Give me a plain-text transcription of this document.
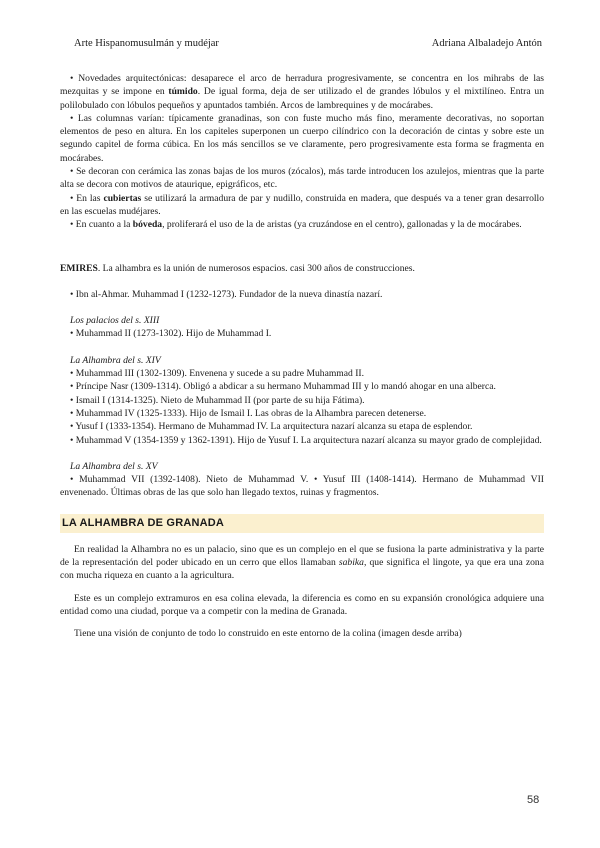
Arte Hispanomusulmán y mudéjar	Adriana Albaladejo Antón

• Novedades arquitectónicas: desaparece el arco de herradura progresivamente, se concentra en los mihrabs de las mezquitas y se impone en túmido. De igual forma, deja de ser utilizado el de grandes lóbulos y el mixtilíneo. Entra un polilobulado con lóbulos pequeños y apuntados también. Arcos de lambrequines y de mocárabes.

• Las columnas varían: típicamente granadinas, son con fuste mucho más fino, meramente decorativas, no soportan elementos de peso en altura. En los capiteles superponen un cuerpo cilíndrico con la decoración de cintas y sobre este un segundo capitel de forma cúbica. En los más sencillos se ve claramente, pero progresivamente esta forma se fragmenta en mocárabes.

• Se decoran con cerámica las zonas bajas de los muros (zócalos), más tarde introducen los azulejos, mientras que la parte alta se decora con motivos de ataurique, epigráficos, etc.

• En las cubiertas se utilizará la armadura de par y nudillo, construida en madera, que después va a tener gran desarrollo en las escuelas mudéjares.

• En cuanto a la bóveda, proliferará el uso de la de aristas (ya cruzándose en el centro), gallonadas y la de mocárabes.

EMIRES. La alhambra es la unión de numerosos espacios. casi 300 años de construcciones.

• Ibn al-Ahmar. Muhammad I (1232-1273). Fundador de la nueva dinastía nazarí.

Los palacios del s. XIII

• Muhammad II (1273-1302). Hijo de Muhammad I.

La Alhambra del s. XIV

• Muhammad III (1302-1309). Envenena y sucede a su padre Muhammad II.

• Príncipe Nasr (1309-1314). Obligó a abdicar a su hermano Muhammad III y lo mandó ahogar en una alberca.

• Ismail I (1314-1325). Nieto de Muhammad II (por parte de su hija Fátima).

• Muhammad IV (1325-1333). Hijo de Ismail I. Las obras de la Alhambra parecen detenerse.

• Yusuf I (1333-1354). Hermano de Muhammad IV. La arquitectura nazarí alcanza su etapa de esplendor.

• Muhammad V (1354-1359 y 1362-1391). Hijo de Yusuf I. La arquitectura nazarí alcanza su mayor grado de complejidad.

La Alhambra del s. XV

• Muhammad VII (1392-1408). Nieto de Muhammad V. • Yusuf III (1408-1414). Hermano de Muhammad VII envenenado. Últimas obras de las que solo han llegado textos, ruinas y fragmentos.

LA ALHAMBRA DE GRANADA

En realidad la Alhambra no es un palacio, sino que es un complejo en el que se fusiona la parte administrativa y la parte de la representación del poder ubicado en un cerro que ellos llamaban sabika, que significa el lingote, ya que era una zona con mucha riqueza en cuanto a la agricultura.

Este es un complejo extramuros en esa colina elevada, la diferencia es como en su expansión cronológica adquiere una entidad como una ciudad, porque va a competir con la medina de Granada.

Tiene una visión de conjunto de todo lo construido en este entorno de la colina (imagen desde arriba)

58
